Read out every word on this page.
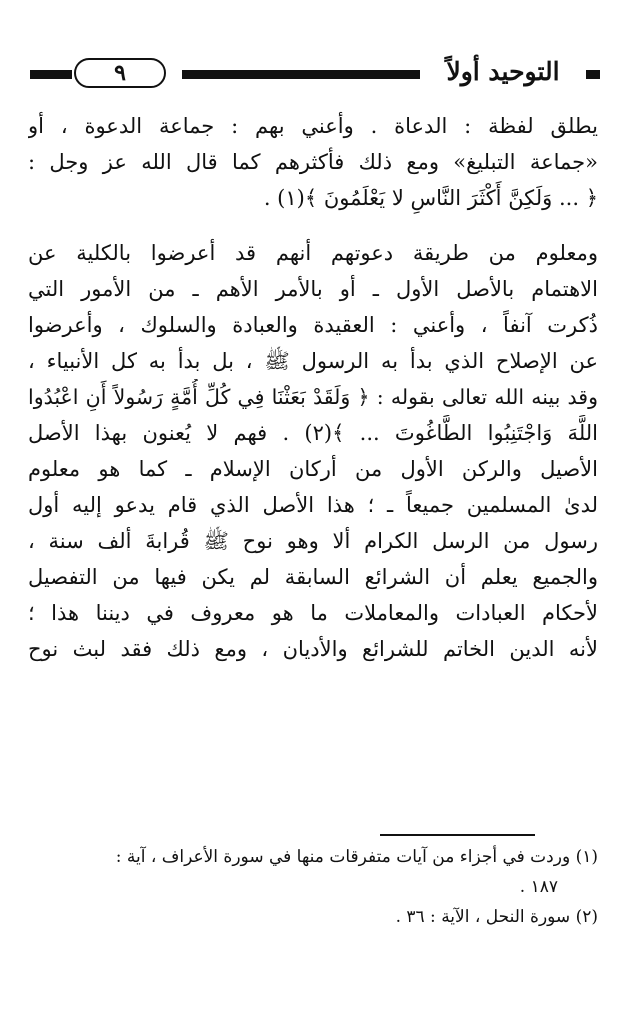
التوحيد أولاً
٩
يطلق لفظة : الدعاة . وأعني بهم : جماعة الدعوة ، أو
«جماعة التبليغ» ومع ذلك فأكثرهم كما قال الله عز وجل :
﴿ ... وَلَكِنَّ أَكْثَرَ النَّاسِ لا يَعْلَمُونَ ﴾(١) .
ومعلوم من طريقة دعوتهم أنهم قد أعرضوا بالكلية عن
الاهتمام بالأصل الأول ـ أو بالأمر الأهم ـ من الأمور التي
ذُكرت آنفاً ، وأعني : العقيدة والعبادة والسلوك ، وأعرضوا
عن الإصلاح الذي بدأ به الرسول ﷺ ، بل بدأ به كل الأنبياء ،
وقد بينه الله تعالى بقوله : ﴿ وَلَقَدْ بَعَثْنَا فِي كُلِّ أُمَّةٍ رَسُولاً أَنِ اعْبُدُوا
اللَّهَ وَاجْتَنِبُوا الطَّاغُوتَ ... ﴾(٢) . فهم لا يُعنون بهذا الأصل
الأصيل والركن الأول من أركان الإسلام ـ كما هو معلوم
لدىٰ المسلمين جميعاً ـ ؛ هذا الأصل الذي قام يدعو إليه أول
رسول من الرسل الكرام ألا وهو نوح ﷺ قُرابةَ ألف سنة ،
والجميع يعلم أن الشرائع السابقة لم يكن فيها من التفصيل
لأحكام العبادات والمعاملات ما هو معروف في ديننا هذا ؛
لأنه الدين الخاتم للشرائع والأديان ، ومع ذلك فقد لبث نوح
(١) وردت في أجزاء من آيات متفرقات منها في سورة الأعراف ، آية :
١٨٧ .
(٢) سورة النحل ، الآية : ٣٦ .
